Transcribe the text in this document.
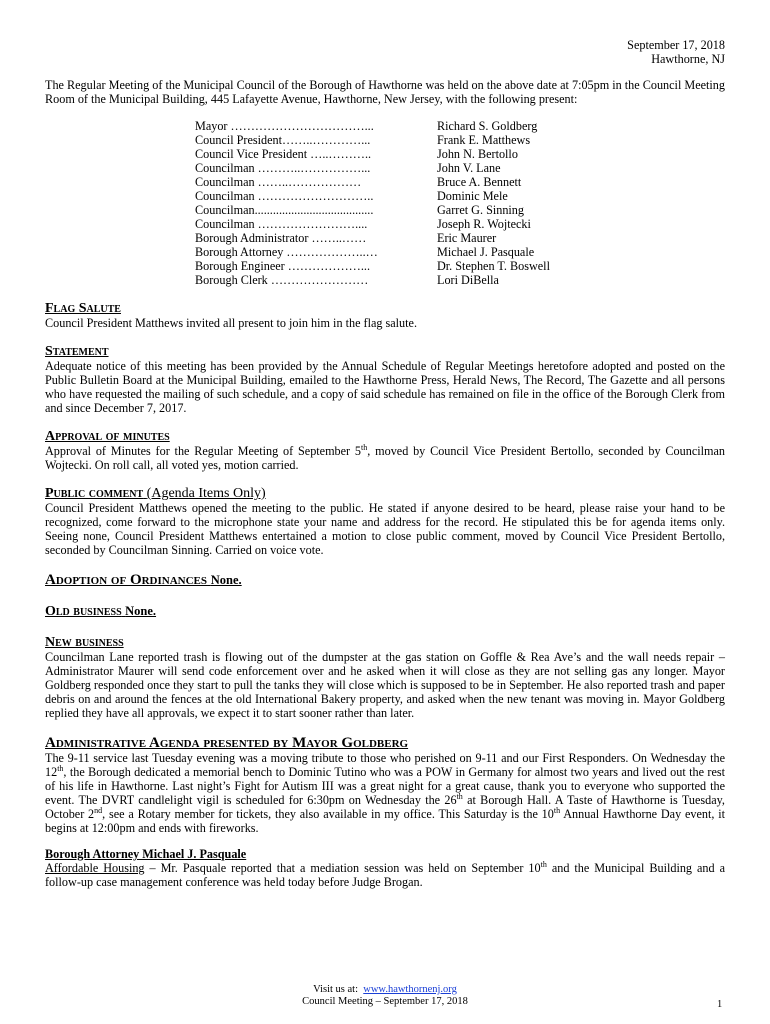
September 17, 2018
Hawthorne, NJ

The Regular Meeting of the Municipal Council of the Borough of Hawthorne was held on the above date at 7:05pm in the Council Meeting Room of the Municipal Building, 445 Lafayette Avenue, Hawthorne, New Jersey, with the following present:

Mayor ……………………………...	Richard S. Goldberg
Council President……..…………...	Frank E. Matthews
Council Vice President …..………..	John N. Bertollo
Councilman ………..……………...	John V. Lane
Councilman ……..………………	Bruce A. Bennett
Councilman ………………………..	Dominic Mele
Councilman.......................................	Garret G. Sinning
Councilman ……………………....	Joseph R. Wojtecki
Borough Administrator ……..……	Eric Maurer
Borough Attorney ………………..…	Michael J. Pasquale
Borough Engineer ………………...	Dr. Stephen T. Boswell
Borough Clerk ……………………	Lori DiBella
Flag Salute

Council President Matthews invited all present to join him in the flag salute.

Statement

Adequate notice of this meeting has been provided by the Annual Schedule of Regular Meetings heretofore adopted and posted on the Public Bulletin Board at the Municipal Building, emailed to the Hawthorne Press, Herald News, The Record, The Gazette and all persons who have requested the mailing of such schedule, and a copy of said schedule has remained on file in the office of the Borough Clerk from and since December 7, 2017.

Approval of minutes

Approval of Minutes for the Regular Meeting of September 5th, moved by Council Vice President Bertollo, seconded by Councilman Wojtecki. On roll call, all voted yes, motion carried.

Public comment (Agenda Items Only)

Council President Matthews opened the meeting to the public. He stated if anyone desired to be heard, please raise your hand to be recognized, come forward to the microphone state your name and address for the record. He stipulated this be for agenda items only. Seeing none, Council President Matthews entertained a motion to close public comment, moved by Council Vice President Bertollo, seconded by Councilman Sinning. Carried on voice vote.

Adoption of Ordinances None.
Old business None.
New business

Councilman Lane reported trash is flowing out of the dumpster at the gas station on Goffle & Rea Ave’s and the wall needs repair – Administrator Maurer will send code enforcement over and he asked when it will close as they are not selling gas any longer. Mayor Goldberg responded once they start to pull the tanks they will close which is supposed to be in September. He also reported trash and paper debris on and around the fences at the old International Bakery property, and asked when the new tenant was moving in. Mayor Goldberg replied they have all approvals, we expect it to start sooner rather than later.

Administrative Agenda presented by Mayor Goldberg

The 9-11 service last Tuesday evening was a moving tribute to those who perished on 9-11 and our First Responders. On Wednesday the 12th, the Borough dedicated a memorial bench to Dominic Tutino who was a POW in Germany for almost two years and lived out the rest of his life in Hawthorne. Last night’s Fight for Autism III was a great night for a great cause, thank you to everyone who supported the event. The DVRT candlelight vigil is scheduled for 6:30pm on Wednesday the 26th at Borough Hall. A Taste of Hawthorne is Tuesday, October 2nd, see a Rotary member for tickets, they also available in my office. This Saturday is the 10th Annual Hawthorne Day event, it begins at 12:00pm and ends with fireworks.

Borough Attorney Michael J. Pasquale

Affordable Housing – Mr. Pasquale reported that a mediation session was held on September 10th and the Municipal Building and a follow-up case management conference was held today before Judge Brogan.

Visit us at: www.hawthornenj.org
Council Meeting – September 17, 2018	1
